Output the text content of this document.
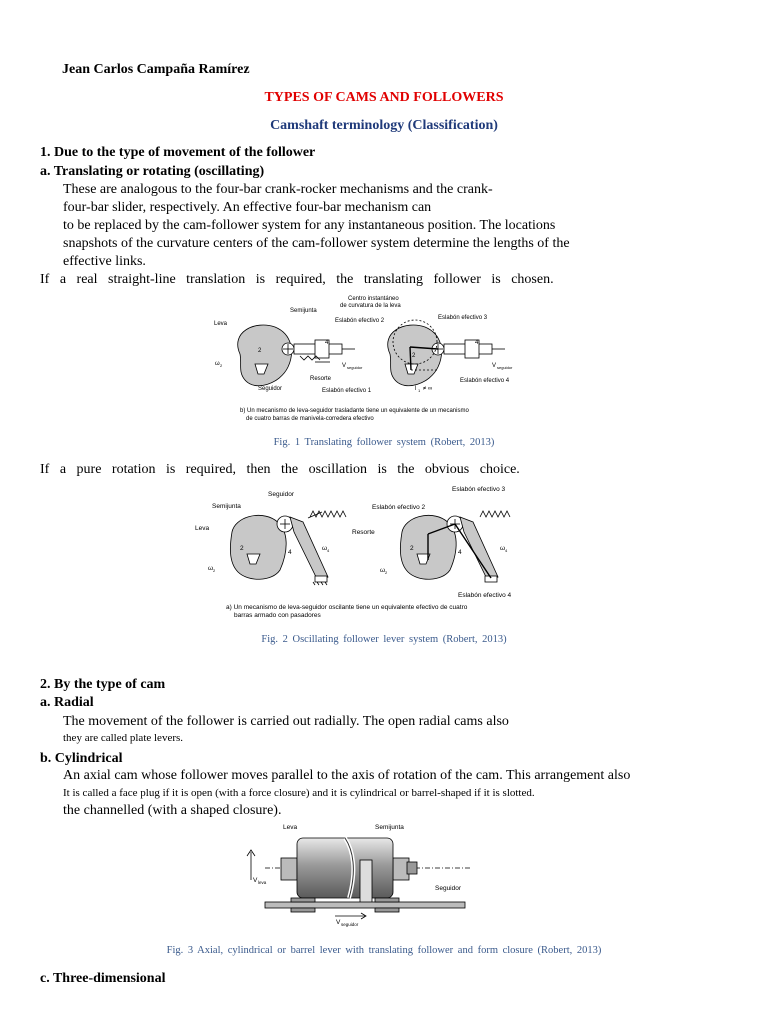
Jean Carlos Campaña Ramírez
TYPES OF CAMS AND FOLLOWERS
Camshaft terminology (Classification)
1. Due to the type of movement of the follower
a. Translating or rotating (oscillating)
These are analogous to the four-bar crank-rocker mechanisms and the crank-
four-bar slider, respectively. An effective four-bar mechanism can
to be replaced by the cam-follower system for any instantaneous position. The locations
snapshots of the curvature centers of the cam-follower system determine the lengths of the
effective links.
If   a   real   straight-line   translation   is   required,   the   translating   follower   is   chosen.
Leva
Semijunta
Seguidor
Resorte
ω 2
2
4
V seguidor
Centro instantáneo
de curvatura de la leva
Eslabón efectivo 2	Eslabón efectivo 3
Eslabón efectivo 4
Eslabón efectivo 1	l 1 ≠ ∞
2
4
V seguidor
b) Un mecanismo de leva-seguidor trasladante tiene un equivalente de un mecanismo
de cuatro barras de manivela-corredera efectivo
Fig. 1 Translating follower system (Robert, 2013)
If   a   pure   rotation   is   required,   then   the   oscillation   is   the   obvious   choice.
Seguidor
Semijunta
Leva
Resorte
ω 2
ω 4
2
4
Eslabón efectivo 3
Eslabón efectivo 2
Eslabón efectivo 4
ω 2
ω 4
2
4
a) Un mecanismo de leva-seguidor oscilante tiene un equivalente efectivo de cuatro
barras armado con pasadores
Fig. 2 Oscillating follower lever system (Robert, 2013)
2. By the type of cam
a. Radial
The movement of the follower is carried out radially. The open radial cams also
they are called plate levers.
b. Cylindrical
An axial cam whose follower moves parallel to the axis of rotation of the cam. This arrangement also
It is called a face plug if it is open (with a force closure) and it is cylindrical or barrel-shaped if it is slotted.
the channelled (with a shaped closure).
Leva	Semijunta
Seguidor
V leva
V seguidor
Fig. 3 Axial, cylindrical or barrel lever with translating follower and form closure (Robert, 2013)
c. Three-dimensional
